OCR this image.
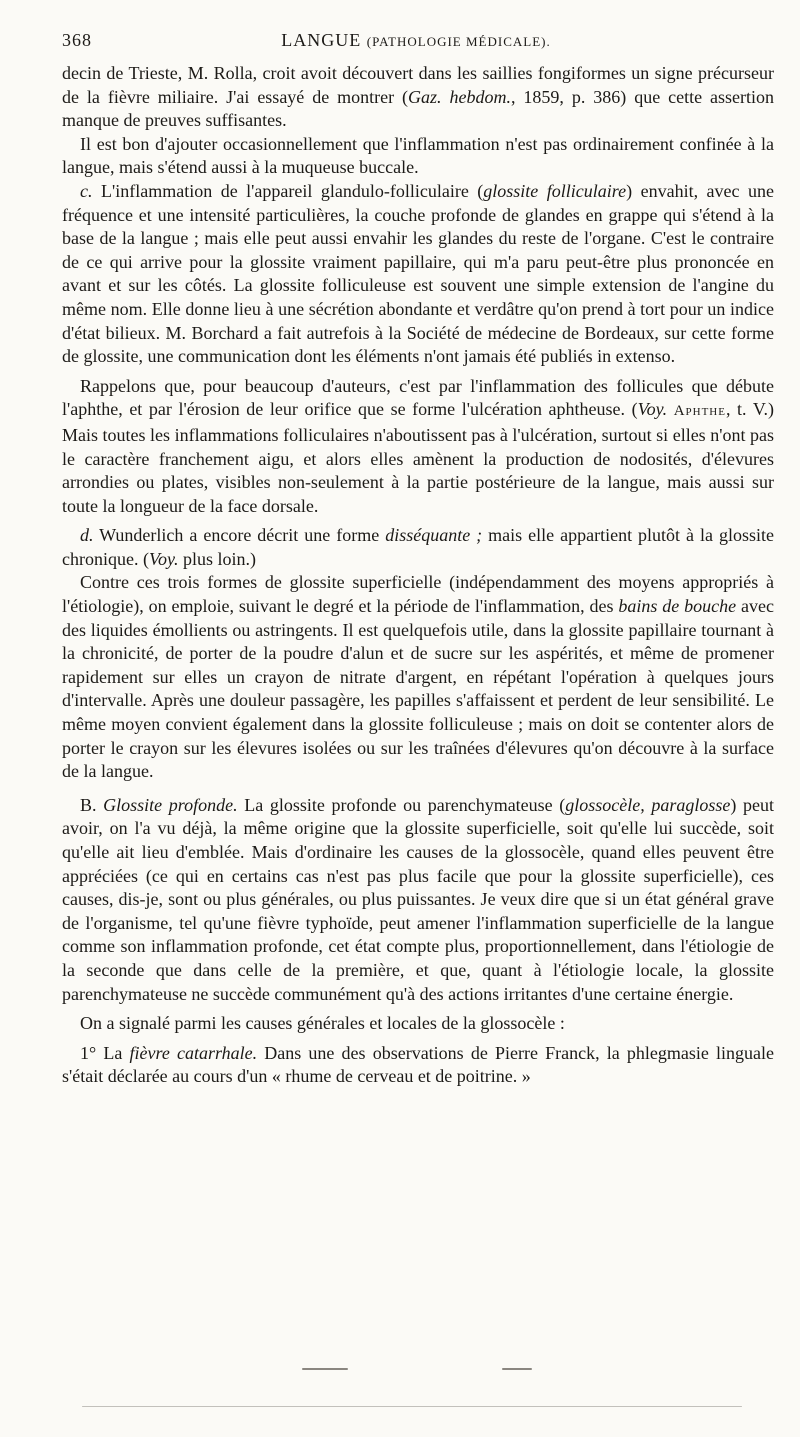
368	LANGUE (PATHOLOGIE MÉDICALE).

decin de Trieste, M. Rolla, croit avoit découvert dans les saillies fongiformes un signe précurseur de la fièvre miliaire. J'ai essayé de montrer (Gaz. hebdom., 1859, p. 386) que cette assertion manque de preuves suffisantes.

Il est bon d'ajouter occasionnellement que l'inflammation n'est pas ordinairement confinée à la langue, mais s'étend aussi à la muqueuse buccale.

c. L'inflammation de l'appareil glandulo-folliculaire (glossite folliculaire) envahit, avec une fréquence et une intensité particulières, la couche profonde de glandes en grappe qui s'étend à la base de la langue ; mais elle peut aussi envahir les glandes du reste de l'organe. C'est le contraire de ce qui arrive pour la glossite vraiment papillaire, qui m'a paru peut-être plus prononcée en avant et sur les côtés. La glossite folliculeuse est souvent une simple extension de l'angine du même nom. Elle donne lieu à une sécrétion abondante et verdâtre qu'on prend à tort pour un indice d'état bilieux. M. Borchard a fait autrefois à la Société de médecine de Bordeaux, sur cette forme de glossite, une communication dont les éléments n'ont jamais été publiés in extenso.

Rappelons que, pour beaucoup d'auteurs, c'est par l'inflammation des follicules que débute l'aphthe, et par l'érosion de leur orifice que se forme l'ulcération aphtheuse. (Voy. Aphthe, t. V.) Mais toutes les inflammations folliculaires n'aboutissent pas à l'ulcération, surtout si elles n'ont pas le caractère franchement aigu, et alors elles amènent la production de nodosités, d'élevures arrondies ou plates, visibles non-seulement à la partie postérieure de la langue, mais aussi sur toute la longueur de la face dorsale.

d. Wunderlich a encore décrit une forme disséquante ; mais elle appartient plutôt à la glossite chronique. (Voy. plus loin.)

Contre ces trois formes de glossite superficielle (indépendamment des moyens appropriés à l'étiologie), on emploie, suivant le degré et la période de l'inflammation, des bains de bouche avec des liquides émollients ou astringents. Il est quelquefois utile, dans la glossite papillaire tournant à la chronicité, de porter de la poudre d'alun et de sucre sur les aspérités, et même de promener rapidement sur elles un crayon de nitrate d'argent, en répétant l'opération à quelques jours d'intervalle. Après une douleur passagère, les papilles s'affaissent et perdent de leur sensibilité. Le même moyen convient également dans la glossite folliculeuse ; mais on doit se contenter alors de porter le crayon sur les élevures isolées ou sur les traînées d'élevures qu'on découvre à la surface de la langue.

B. Glossite profonde. La glossite profonde ou parenchymateuse (glossocèle, paraglosse) peut avoir, on l'a vu déjà, la même origine que la glossite superficielle, soit qu'elle lui succède, soit qu'elle ait lieu d'emblée. Mais d'ordinaire les causes de la glossocèle, quand elles peuvent être appréciées (ce qui en certains cas n'est pas plus facile que pour la glossite superficielle), ces causes, dis-je, sont ou plus générales, ou plus puissantes. Je veux dire que si un état général grave de l'organisme, tel qu'une fièvre typhoïde, peut amener l'inflammation superficielle de la langue comme son inflammation profonde, cet état compte plus, proportionnellement, dans l'étiologie de la seconde que dans celle de la première, et que, quant à l'étiologie locale, la glossite parenchymateuse ne succède communément qu'à des actions irritantes d'une certaine énergie.

On a signalé parmi les causes générales et locales de la glossocèle :

1° La fièvre catarrhale. Dans une des observations de Pierre Franck, la phlegmasie linguale s'était déclarée au cours d'un « rhume de cerveau et de poitrine. »
